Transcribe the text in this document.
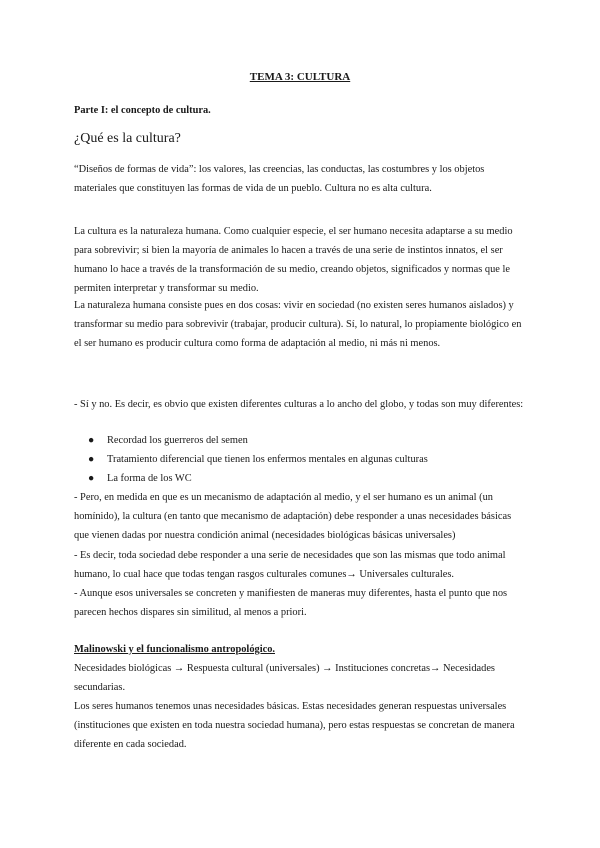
TEMA 3: CULTURA

Parte I: el concepto de cultura.

¿Qué es la cultura?

“Diseños de formas de vida”: los valores, las creencias, las conductas, las costumbres y los objetos materiales que constituyen las formas de vida de un pueblo. Cultura no es alta cultura.

La cultura es la naturaleza humana. Como cualquier especie, el ser humano necesita adaptarse a su medio para sobrevivir; si bien la mayoría de animales lo hacen a través de una serie de instintos innatos, el ser humano lo hace a través de la transformación de su medio, creando objetos, significados y normas que le permiten interpretar y transformar su medio.

La naturaleza humana consiste pues en dos cosas: vivir en sociedad (no existen seres humanos aislados) y transformar su medio para sobrevivir (trabajar, producir cultura). Sí, lo natural, lo propiamente biológico en el ser humano es producir cultura como forma de adaptación al medio, ni más ni menos.

- Sí y no. Es decir, es obvio que existen diferentes culturas a lo ancho del globo, y todas son muy diferentes:

● Recordad los guerreros del semen
● Tratamiento diferencial que tienen los enfermos mentales en algunas culturas
● La forma de los WC

- Pero, en medida en que es un mecanismo de adaptación al medio, y el ser humano es un animal (un homínido), la cultura (en tanto que mecanismo de adaptación) debe responder a unas necesidades básicas que vienen dadas por nuestra condición animal (necesidades biológicas básicas universales)

- Es decir, toda sociedad debe responder a una serie de necesidades que son las mismas que todo animal humano, lo cual hace que todas tengan rasgos culturales comunes→ Universales culturales.

- Aunque esos universales se concreten y manifiesten de maneras muy diferentes, hasta el punto que nos parecen hechos dispares sin similitud, al menos a priori.

Malinowski y el funcionalismo antropológico.

Necesidades biológicas → Respuesta cultural (universales) → Instituciones concretas→ Necesidades secundarias.

Los seres humanos tenemos unas necesidades básicas. Estas necesidades generan respuestas universales (instituciones que existen en toda nuestra sociedad humana), pero estas respuestas se concretan de manera diferente en cada sociedad.
